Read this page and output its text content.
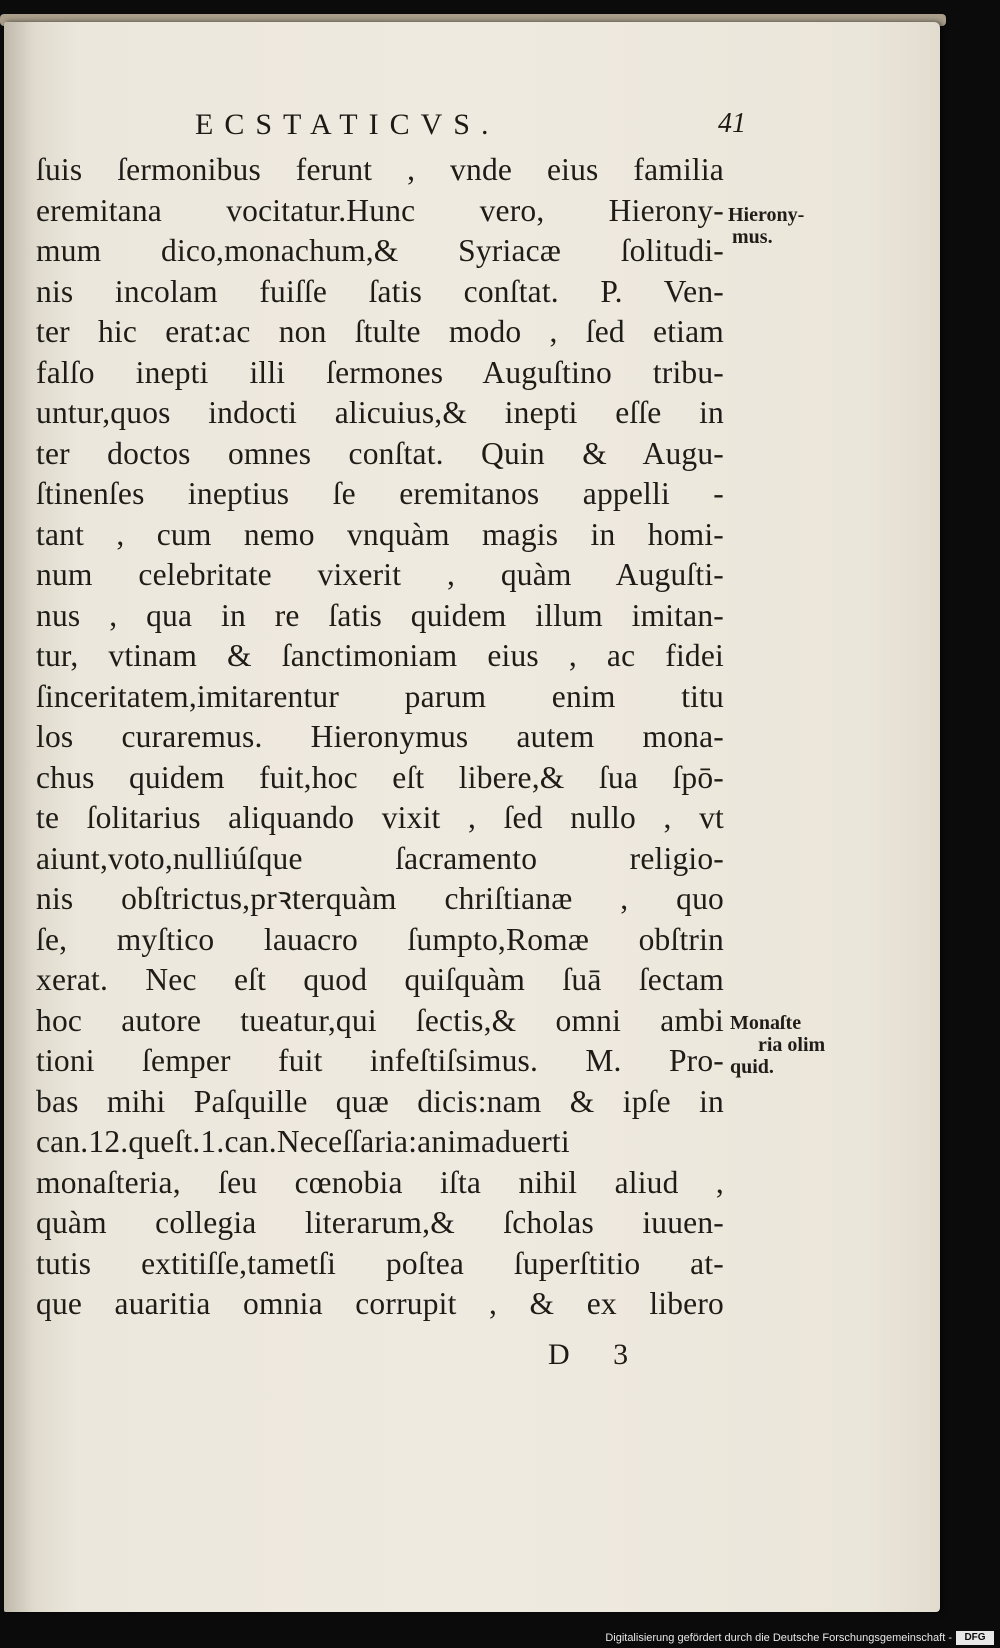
ECSTATICVS.	41
ſuis ſermonibus ferunt , vnde eius familia
eremitana vocitatur.Hunc vero, Hierony-
mum dico,monachum,& Syriacæ ſolitudi-
nis incolam fuiſſe ſatis conſtat. P. Ven-
ter hic erat:ac non ſtulte modo , ſed etiam
falſo inepti illi ſermones Auguſtino tribu-
untur,quos indocti alicuius,& inepti eſſe in
ter doctos omnes conſtat. Quin & Augu-
ſtinenſes ineptius ſe eremitanos appelli -
tant , cum nemo vnquàm magis in homi-
num celebritate vixerit , quàm Auguſti-
nus , qua in re ſatis quidem illum imitan-
tur, vtinam & ſanctimoniam eius , ac fidei
ſinceritatem,imitarentur parum enim titu
los curaremus. Hieronymus autem mona-
chus quidem fuit,hoc eſt libere,& ſua ſpō-
te ſolitarius aliquando vixit , ſed nullo , vt
aiunt,voto,nulliúſque ſacramento religio-
nis obſtrictus,prꝛterquàm chriſtianæ , quo
ſe, myſtico lauacro ſumpto,Romæ obſtrin
xerat. Nec eſt quod quiſquàm ſuā ſectam
hoc autore tueatur,qui ſectis,& omni ambi
tioni ſemper fuit infeſtiſsimus. M. Pro-
bas mihi Paſquille quæ dicis:nam & ipſe in
can.12.queſt.1.can.Neceſſaria:animaduerti
monaſteria, ſeu cœnobia iſta nihil aliud ,
quàm collegia literarum,& ſcholas iuuen-
tutis extitiſſe,tametſi poſtea ſuperſtitio at-
que auaritia omnia corrupit , & ex libero
Hierony-
mus.
Monaſte
ria olim
quid.
D 3
Digitalisierung gefördert durch die Deutsche Forschungsgemeinschaft -	DFG
